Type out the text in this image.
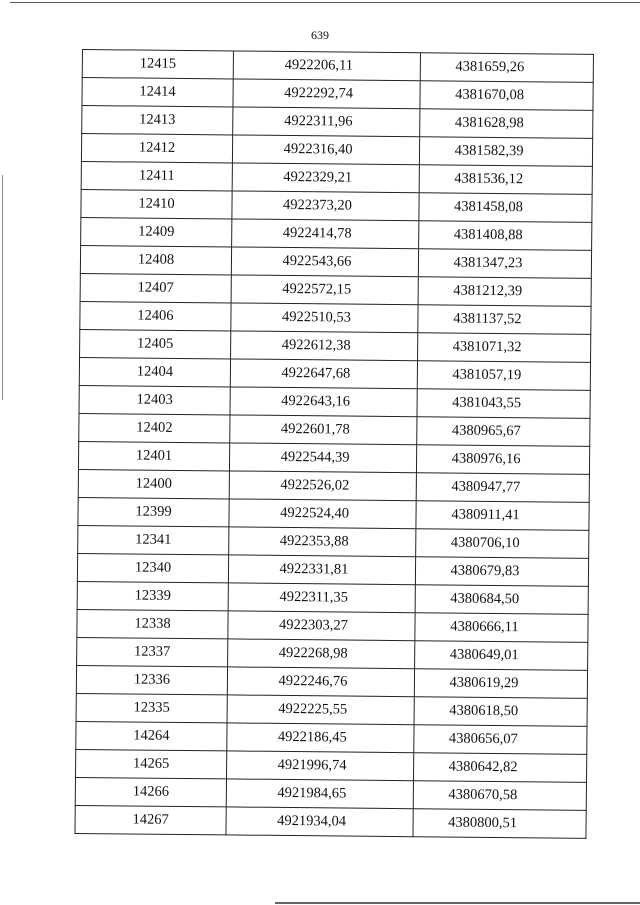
639
12415	4922206,11	4381659,26
12414	4922292,74	4381670,08
12413	4922311,96	4381628,98
12412	4922316,40	4381582,39
12411	4922329,21	4381536,12
12410	4922373,20	4381458,08
12409	4922414,78	4381408,88
12408	4922543,66	4381347,23
12407	4922572,15	4381212,39
12406	4922510,53	4381137,52
12405	4922612,38	4381071,32
12404	4922647,68	4381057,19
12403	4922643,16	4381043,55
12402	4922601,78	4380965,67
12401	4922544,39	4380976,16
12400	4922526,02	4380947,77
12399	4922524,40	4380911,41
12341	4922353,88	4380706,10
12340	4922331,81	4380679,83
12339	4922311,35	4380684,50
12338	4922303,27	4380666,11
12337	4922268,98	4380649,01
12336	4922246,76	4380619,29
12335	4922225,55	4380618,50
14264	4922186,45	4380656,07
14265	4921996,74	4380642,82
14266	4921984,65	4380670,58
14267	4921934,04	4380800,51
